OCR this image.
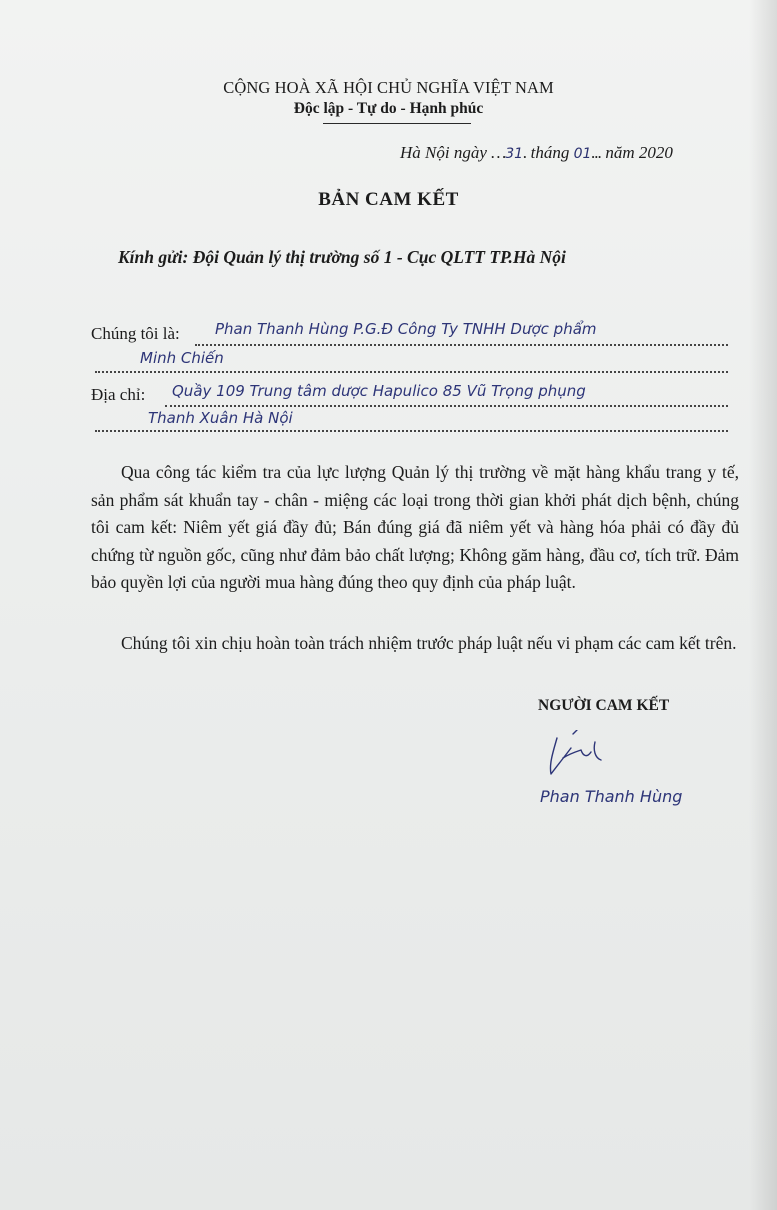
CỘNG HOÀ XÃ HỘI CHỦ NGHĨA VIỆT NAM

Độc lập - Tự do - Hạnh phúc

Hà Nội ngày …31. tháng 01... năm 2020

BẢN CAM KẾT

Kính gửi: Đội Quản lý thị trường số 1 - Cục QLTT TP.Hà Nội

Chúng tôi là: Phan Thanh Hùng P.G.Đ Công Ty TNHH Dược phẩm
Minh Chiến
Địa chỉ: Quầy 109 Trung tâm dược Hapulico 85 Vũ Trọng phụng
Thanh Xuân Hà Nội

Qua công tác kiểm tra của lực lượng Quản lý thị trường về mặt hàng khẩu trang y tế, sản phẩm sát khuẩn tay - chân - miệng các loại trong thời gian khởi phát dịch bệnh, chúng tôi cam kết: Niêm yết giá đầy đủ; Bán đúng giá đã niêm yết và hàng hóa phải có đầy đủ chứng từ nguồn gốc, cũng như đảm bảo chất lượng; Không găm hàng, đầu cơ, tích trữ. Đảm bảo quyền lợi của người mua hàng đúng theo quy định của pháp luật.

Chúng tôi xin chịu hoàn toàn trách nhiệm trước pháp luật nếu vi phạm các cam kết trên.

NGƯỜI CAM KẾT

Phan Thanh Hùng
